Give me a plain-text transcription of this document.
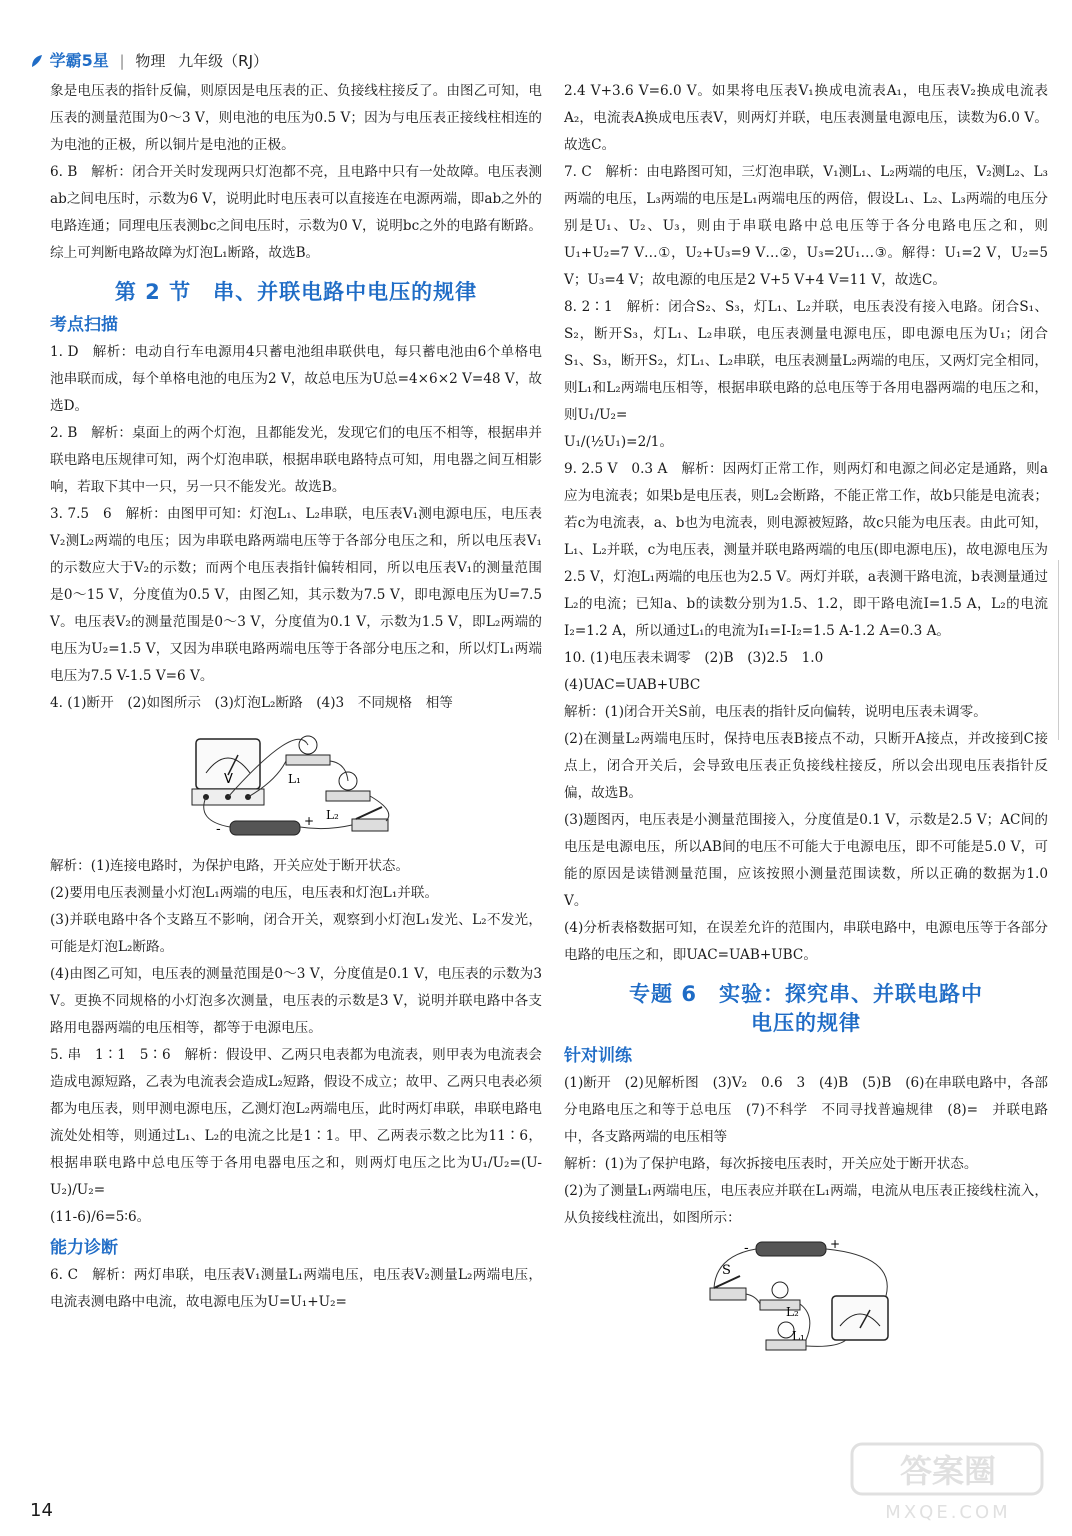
学霸5星 | 物理 九年级（RJ）

象是电压表的指针反偏，则原因是电压表的正、负接线柱接反了。由图乙可知，电压表的测量范围为0～3 V，则电池的电压为0.5 V；因为与电压表正接线柱相连的为电池的正极，所以铜片是电池的正极。

6. B　解析：闭合开关时发现两只灯泡都不亮，且电路中只有一处故障。电压表测ab之间电压时，示数为6 V，说明此时电压表可以直接连在电源两端，即ab之外的电路连通；同理电压表测bc之间电压时，示数为0 V，说明bc之外的电路有断路。综上可判断电路故障为灯泡L₁断路，故选B。

第 2 节　串、并联电路中电压的规律
考点扫描

1. D　解析：电动自行车电源用4只蓄电池组串联供电，每只蓄电池由6个单格电池串联而成，每个单格电池的电压为2 V，故总电压为U总=4×6×2 V=48 V，故选D。

2. B　解析：桌面上的两个灯泡，且都能发光，发现它们的电压不相等，根据串并联电路电压规律可知，两个灯泡串联，根据串联电路特点可知，用电器之间互相影响，若取下其中一只，另一只不能发光。故选B。

3. 7.5　6　解析：由图甲可知：灯泡L₁、L₂串联，电压表V₁测电源电压，电压表V₂测L₂两端的电压；因为串联电路两端电压等于各部分电压之和，所以电压表V₁的示数应大于V₂的示数；而两个电压表指针偏转相同，所以电压表V₁的测量范围是0～15 V，分度值为0.5 V，由图乙知，其示数为7.5 V，即电源电压为U=7.5 V。电压表V₂的测量范围是0～3 V，分度值为0.1 V，示数为1.5 V，即L₂两端的电压为U₂=1.5 V，又因为串联电路两端电压等于各部分电压之和，所以灯L₁两端电压为7.5 V-1.5 V=6 V。

4. (1)断开　(2)如图所示　(3)灯泡L₂断路　(4)3　不同规格　相等

V	L₁
L₂
-
+

解析：(1)连接电路时，为保护电路，开关应处于断开状态。

(2)要用电压表测量小灯泡L₁两端的电压，电压表和灯泡L₁并联。

(3)并联电路中各个支路互不影响，闭合开关，观察到小灯泡L₁发光、L₂不发光，可能是灯泡L₂断路。

(4)由图乙可知，电压表的测量范围是0～3 V，分度值是0.1 V，电压表的示数为3 V。更换不同规格的小灯泡多次测量，电压表的示数是3 V，说明并联电路中各支路用电器两端的电压相等，都等于电源电压。

5. 串　1∶1　5∶6　解析：假设甲、乙两只电表都为电流表，则甲表为电流表会造成电源短路，乙表为电流表会造成L₂短路，假设不成立；故甲、乙两只电表必须都为电压表，则甲测电源电压，乙测灯泡L₂两端电压，此时两灯串联，串联电路电流处处相等，则通过L₁、L₂的电流之比是1∶1。甲、乙两表示数之比为11∶6，根据串联电路中总电压等于各用电器电压之和，则两灯电压之比为U₁/U₂=(U-U₂)/U₂=

(11-6)/6=5∶6。

能力诊断

6. C　解析：两灯串联，电压表V₁测量L₁两端电压，电压表V₂测量L₂两端电压，电流表测电路中电流，故电源电压为U=U₁+U₂=

2.4 V+3.6 V=6.0 V。如果将电压表V₁换成电流表A₁，电压表V₂换成电流表A₂，电流表A换成电压表V，则两灯并联，电压表测量电源电压，读数为6.0 V。故选C。

7. C　解析：由电路图可知，三灯泡串联，V₁测L₁、L₂两端的电压，V₂测L₂、L₃两端的电压，L₃两端的电压是L₁两端电压的两倍，假设L₁、L₂、L₃两端的电压分别是U₁、U₂、U₃，则由于串联电路中总电压等于各分电路电压之和，则U₁+U₂=7 V…①，U₂+U₃=9 V…②，U₃=2U₁…③。解得：U₁=2 V，U₂=5 V；U₃=4 V；故电源的电压是2 V+5 V+4 V=11 V，故选C。

8. 2∶1　解析：闭合S₂、S₃，灯L₁、L₂并联，电压表没有接入电路。闭合S₁、S₂，断开S₃，灯L₁、L₂串联，电压表测量电源电压，即电源电压为U₁；闭合S₁、S₃，断开S₂，灯L₁、L₂串联，电压表测量L₂两端的电压，又两灯完全相同，则L₁和L₂两端电压相等，根据串联电路的总电压等于各用电器两端的电压之和，则U₁/U₂=

U₁/(½U₁)=2/1。

9. 2.5 V　0.3 A　解析：因两灯正常工作，则两灯和电源之间必定是通路，则a应为电流表；如果b是电压表，则L₂会断路，不能正常工作，故b只能是电流表；若c为电流表，a、b也为电流表，则电源被短路，故c只能为电压表。由此可知，L₁、L₂并联，c为电压表，测量并联电路两端的电压(即电源电压)，故电源电压为2.5 V，灯泡L₁两端的电压也为2.5 V。两灯并联，a表测干路电流，b表测量通过L₂的电流；已知a、b的读数分别为1.5、1.2，即干路电流I=1.5 A，L₂的电流I₂=1.2 A，所以通过L₁的电流为I₁=I-I₂=1.5 A-1.2 A=0.3 A。

10. (1)电压表未调零　(2)B　(3)2.5　1.0

(4)UAC=UAB+UBC

解析：(1)闭合开关S前，电压表的指针反向偏转，说明电压表未调零。

(2)在测量L₂两端电压时，保持电压表B接点不动，只断开A接点，并改接到C接点上，闭合开关后，会导致电压表正负接线柱接反，所以会出现电压表指针反偏，故选B。

(3)题图丙，电压表是小测量范围接入，分度值是0.1 V，示数是2.5 V；AC间的电压是电源电压，所以AB间的电压不可能大于电源电压，即不可能是5.0 V，可能的原因是读错测量范围，应该按照小测量范围读数，所以正确的数据为1.0 V。

(4)分析表格数据可知，在误差允许的范围内，串联电路中，电源电压等于各部分电路的电压之和，即UAC=UAB+UBC。

专题 6　实验：探究串、并联电路中
电压的规律
针对训练

(1)断开　(2)见解析图　(3)V₂　0.6　3　(4)B　(5)B　(6)在串联电路中，各部分电路电压之和等于总电压　(7)不科学　不同寻找普遍规律　(8)=　并联电路中，各支路两端的电压相等

解析：(1)为了保护电路，每次拆接电压表时，开关应处于断开状态。

(2)为了测量L₁两端电压，电压表应并联在L₁两端，电流从电压表正接线柱流入，从负接线柱流出，如图所示：

-	+
S
L₂
L₁
14
答案圈
MXQE.COM
